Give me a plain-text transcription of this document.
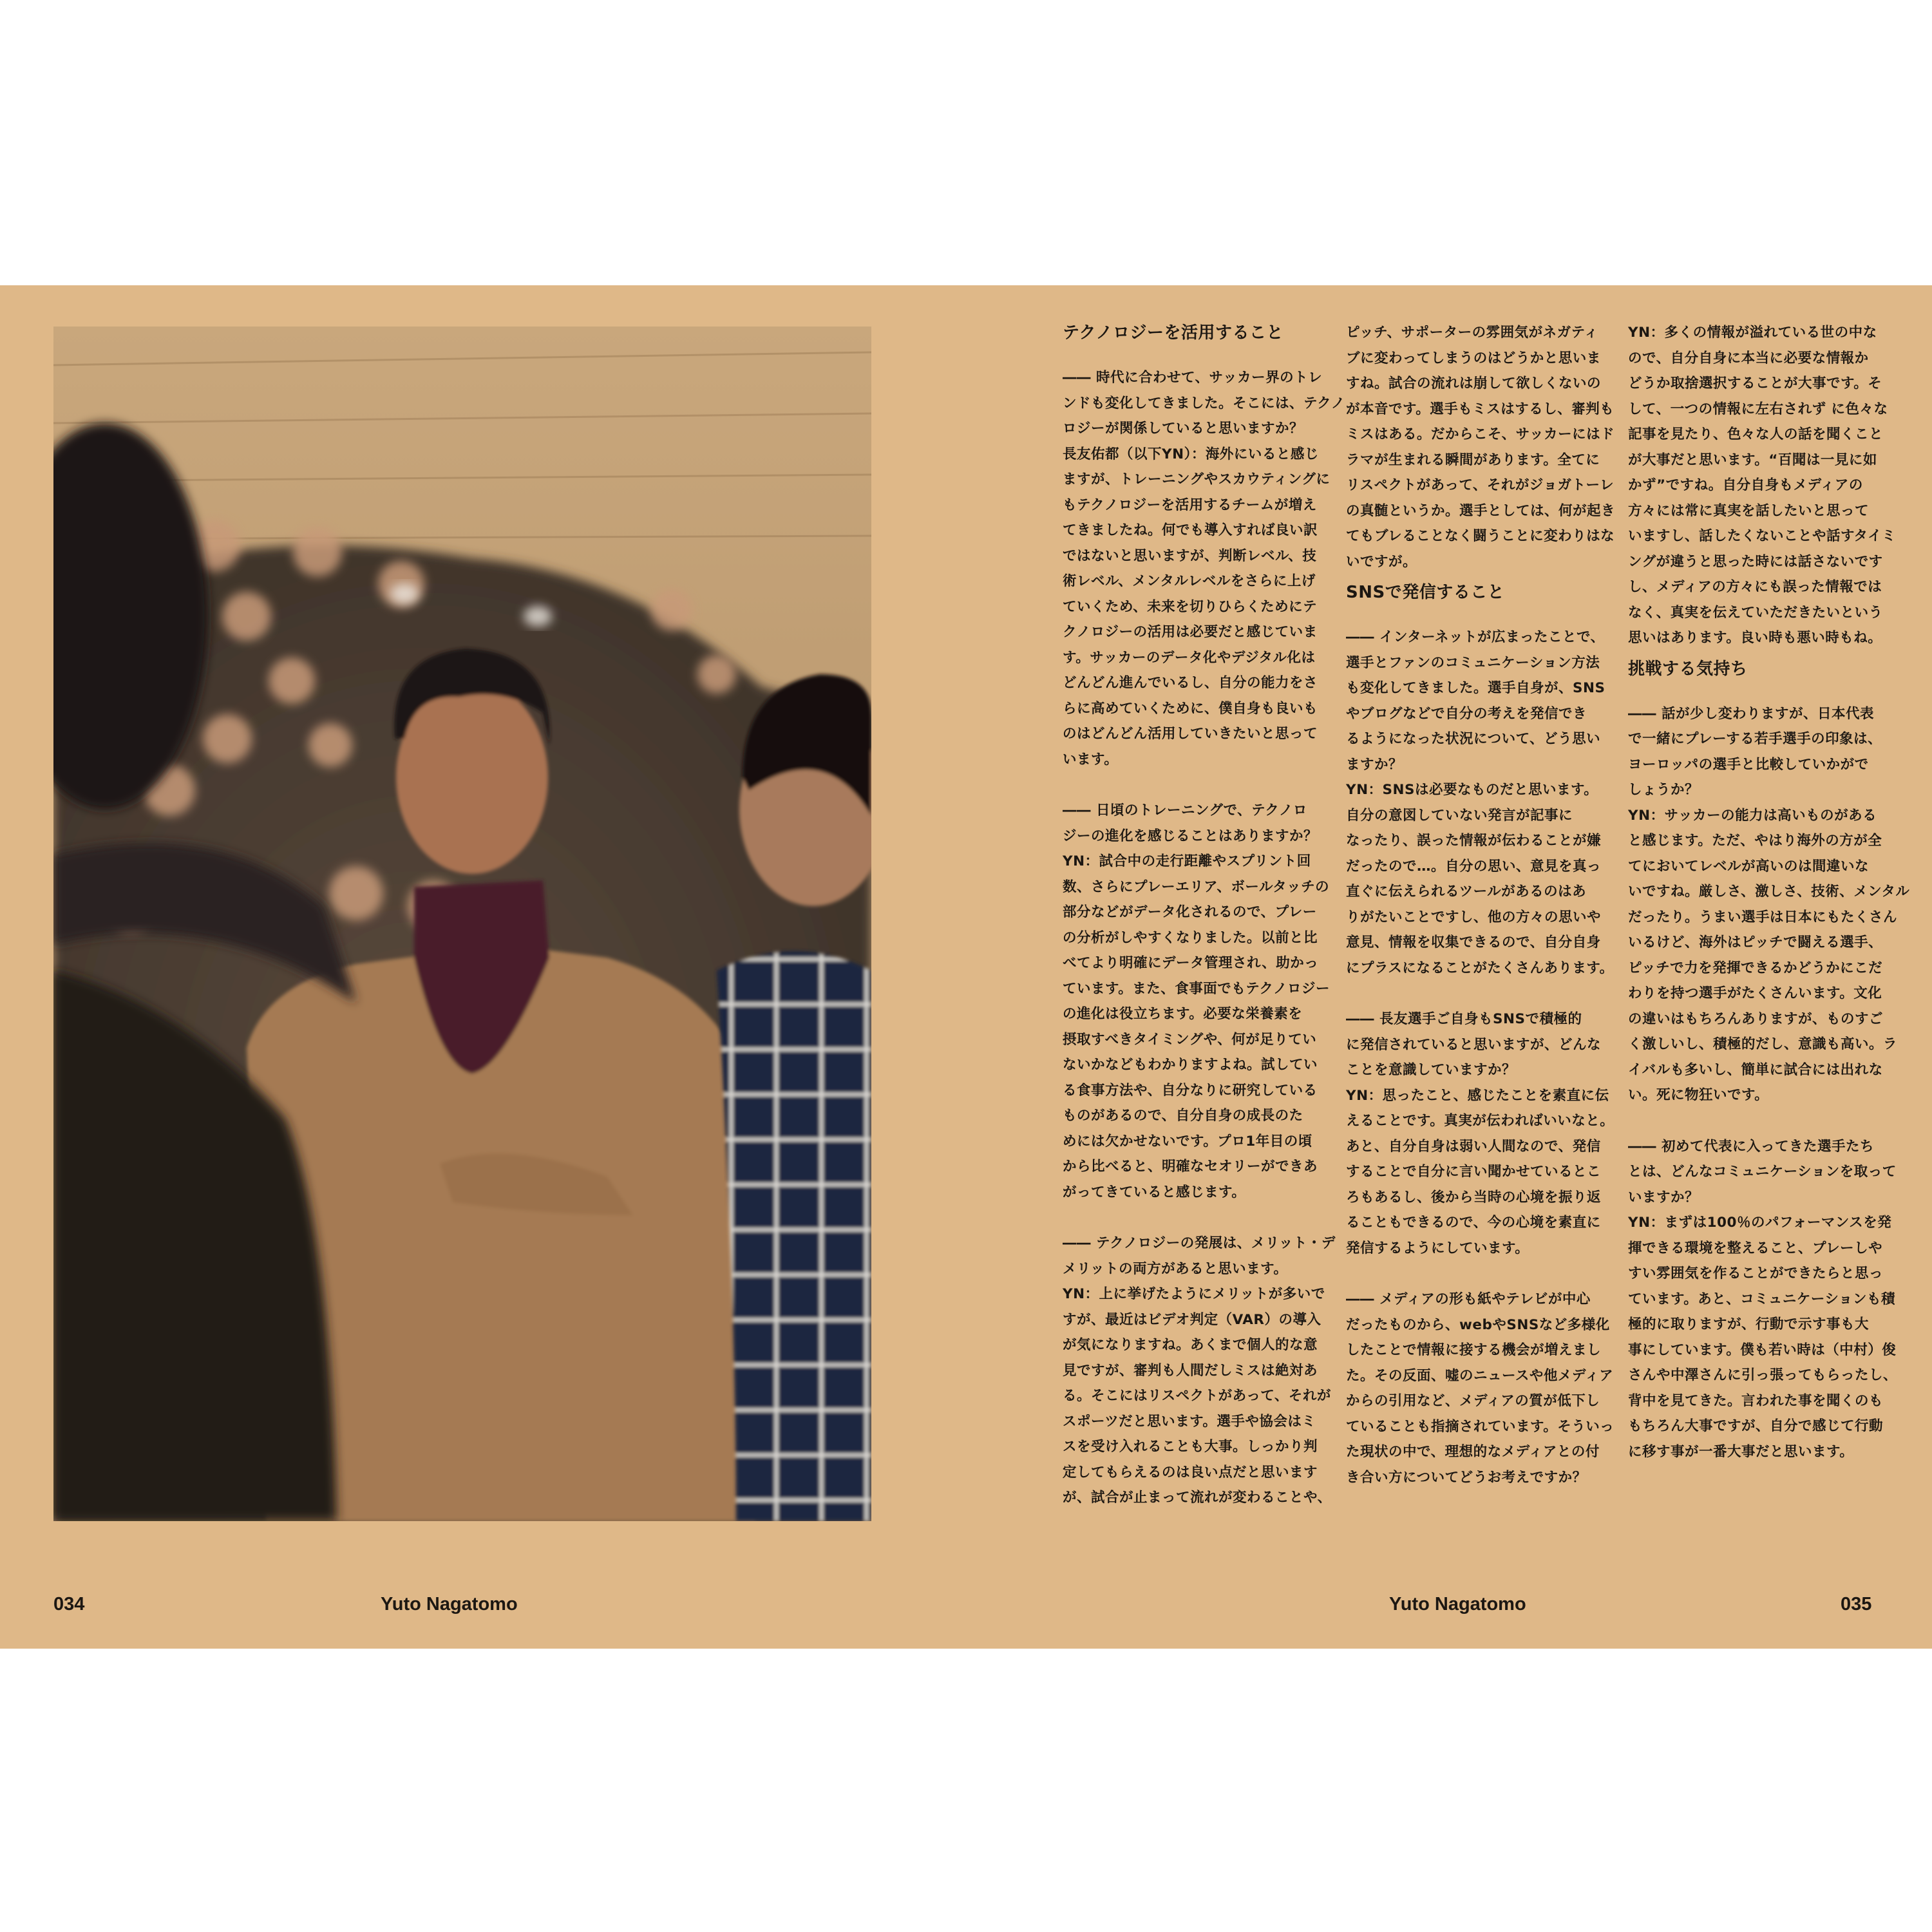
テクノロジーを活用すること

―― 時代に合わせて、サッカー界のトレ

ンドも変化してきました。そこには、テクノ

ロジーが関係していると思いますか？

長友佑都（以下YN）：海外にいると感じ

ますが、トレーニングやスカウティングに

もテクノロジーを活用するチームが増え

てきましたね。何でも導入すれば良い訳

ではないと思いますが、判断レベル、技

術レベル、メンタルレベルをさらに上げ

ていくため、未来を切りひらくためにテ

クノロジーの活用は必要だと感じていま

す。サッカーのデータ化やデジタル化は

どんどん進んでいるし、自分の能力をさ

らに高めていくために、僕自身も良いも

のはどんどん活用していきたいと思って

います。

―― 日頃のトレーニングで、テクノロ

ジーの進化を感じることはありますか？

YN：試合中の走行距離やスプリント回

数、さらにプレーエリア、ボールタッチの

部分などがデータ化されるので、プレー

の分析がしやすくなりました。以前と比

べてより明確にデータ管理され、助かっ

ています。また、食事面でもテクノロジー

の進化は役立ちます。必要な栄養素を

摂取すべきタイミングや、何が足りてい

ないかなどもわかりますよね。試してい

る食事方法や、自分なりに研究している

ものがあるので、自分自身の成長のた

めには欠かせないです。プロ1年目の頃

から比べると、明確なセオリーができあ

がってきていると感じます。

―― テクノロジーの発展は、メリット・デ

メリットの両方があると思います。

YN：上に挙げたようにメリットが多いで

すが、最近はビデオ判定（VAR）の導入

が気になりますね。あくまで個人的な意

見ですが、審判も人間だしミスは絶対あ

る。そこにはリスペクトがあって、それが

スポーツだと思います。選手や協会はミ

スを受け入れることも大事。しっかり判

定してもらえるのは良い点だと思います

が、試合が止まって流れが変わることや、

ピッチ、サポーターの雰囲気がネガティ

ブに変わってしまうのはどうかと思いま

すね。試合の流れは崩して欲しくないの

が本音です。選手もミスはするし、審判も

ミスはある。だからこそ、サッカーにはド

ラマが生まれる瞬間があります。全てに

リスペクトがあって、それがジョガトーレ

の真髄というか。選手としては、何が起き

てもブレることなく闘うことに変わりはな

いですが。

SNSで発信すること

―― インターネットが広まったことで、

選手とファンのコミュニケーション方法

も変化してきました。選手自身が、SNS

やブログなどで自分の考えを発信でき

るようになった状況について、どう思い

ますか？

YN：SNSは必要なものだと思います。

自分の意図していない発言が記事に

なったり、誤った情報が伝わることが嫌

だったので…。自分の思い、意見を真っ

直ぐに伝えられるツールがあるのはあ

りがたいことですし、他の方々の思いや

意見、情報を収集できるので、自分自身

にプラスになることがたくさんあります。

―― 長友選手ご自身もSNSで積極的

に発信されていると思いますが、どんな

ことを意識していますか？

YN：思ったこと、感じたことを素直に伝

えることです。真実が伝わればいいなと。

あと、自分自身は弱い人間なので、発信

することで自分に言い聞かせているとこ

ろもあるし、後から当時の心境を振り返

ることもできるので、今の心境を素直に

発信するようにしています。

―― メディアの形も紙やテレビが中心

だったものから、webやSNSなど多様化

したことで情報に接する機会が増えまし

た。その反面、嘘のニュースや他メディア

からの引用など、メディアの質が低下し

ていることも指摘されています。そういっ

た現状の中で、理想的なメディアとの付

き合い方についてどうお考えですか？

YN：多くの情報が溢れている世の中な

ので、自分自身に本当に必要な情報か

どうか取捨選択することが大事です。そ

して、一つの情報に左右されず に色々な

記事を見たり、色々な人の話を聞くこと

が大事だと思います。“百聞は一見に如

かず”ですね。自分自身もメディアの

方々には常に真実を話したいと思って

いますし、話したくないことや話すタイミ

ングが違うと思った時には話さないです

し、メディアの方々にも誤った情報では

なく、真実を伝えていただきたいという

思いはあります。良い時も悪い時もね。

挑戦する気持ち

―― 話が少し変わりますが、日本代表

で一緒にプレーする若手選手の印象は、

ヨーロッパの選手と比較していかがで

しょうか？

YN：サッカーの能力は高いものがある

と感じます。ただ、やはり海外の方が全

てにおいてレベルが高いのは間違いな

いですね。厳しさ、激しさ、技術、メンタル

だったり。うまい選手は日本にもたくさん

いるけど、海外はピッチで闘える選手、

ピッチで力を発揮できるかどうかにこだ

わりを持つ選手がたくさんいます。文化

の違いはもちろんありますが、ものすご

く激しいし、積極的だし、意識も高い。ラ

イバルも多いし、簡単に試合には出れな

い。死に物狂いです。

―― 初めて代表に入ってきた選手たち

とは、どんなコミュニケーションを取って

いますか？

YN：まずは100％のパフォーマンスを発

揮できる環境を整えること、プレーしや

すい雰囲気を作ることができたらと思っ

ています。あと、コミュニケーションも積

極的に取りますが、行動で示す事も大

事にしています。僕も若い時は（中村）俊

さんや中澤さんに引っ張ってもらったし、

背中を見てきた。言われた事を聞くのも

もちろん大事ですが、自分で感じて行動

に移す事が一番大事だと思います。

034	Yuto Nagatomo	Yuto Nagatomo	035
